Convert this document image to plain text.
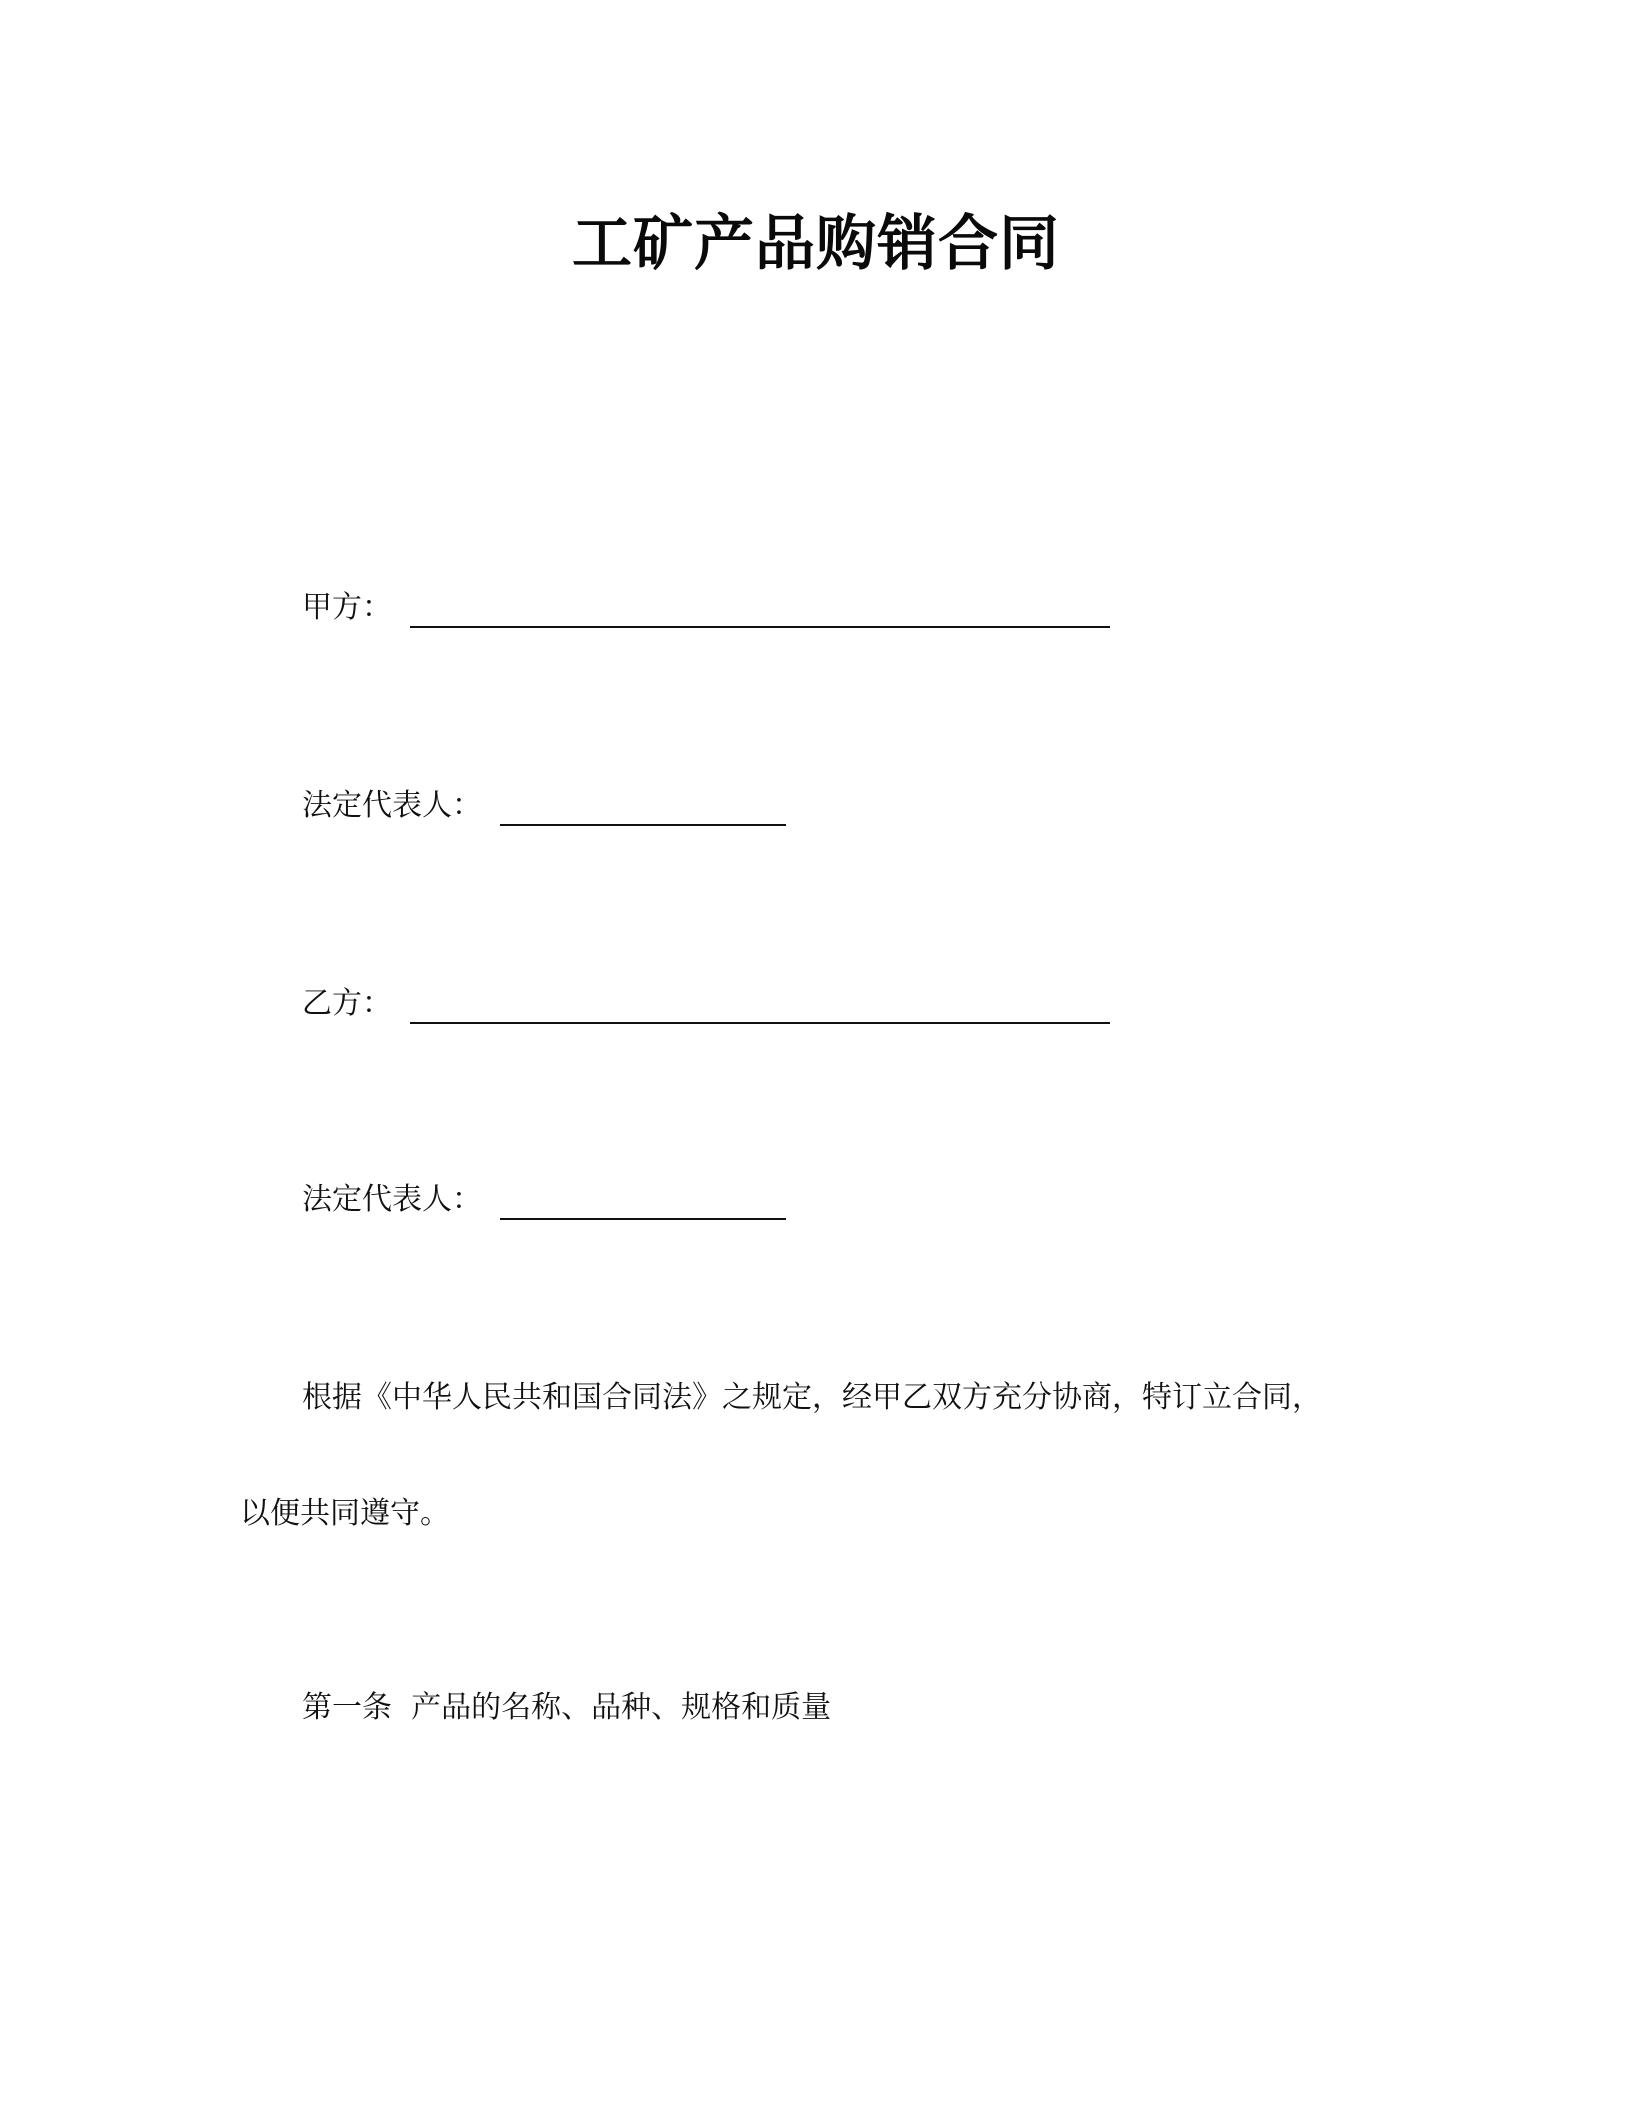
工矿产品购销合同
甲方：
法定代表人：
乙方：
法定代表人：
根据《中华人民共和国合同法》之规定，经甲乙双方充分协商，特订立合同，
以便共同遵守。
第一条  产品的名称、品种、规格和质量
